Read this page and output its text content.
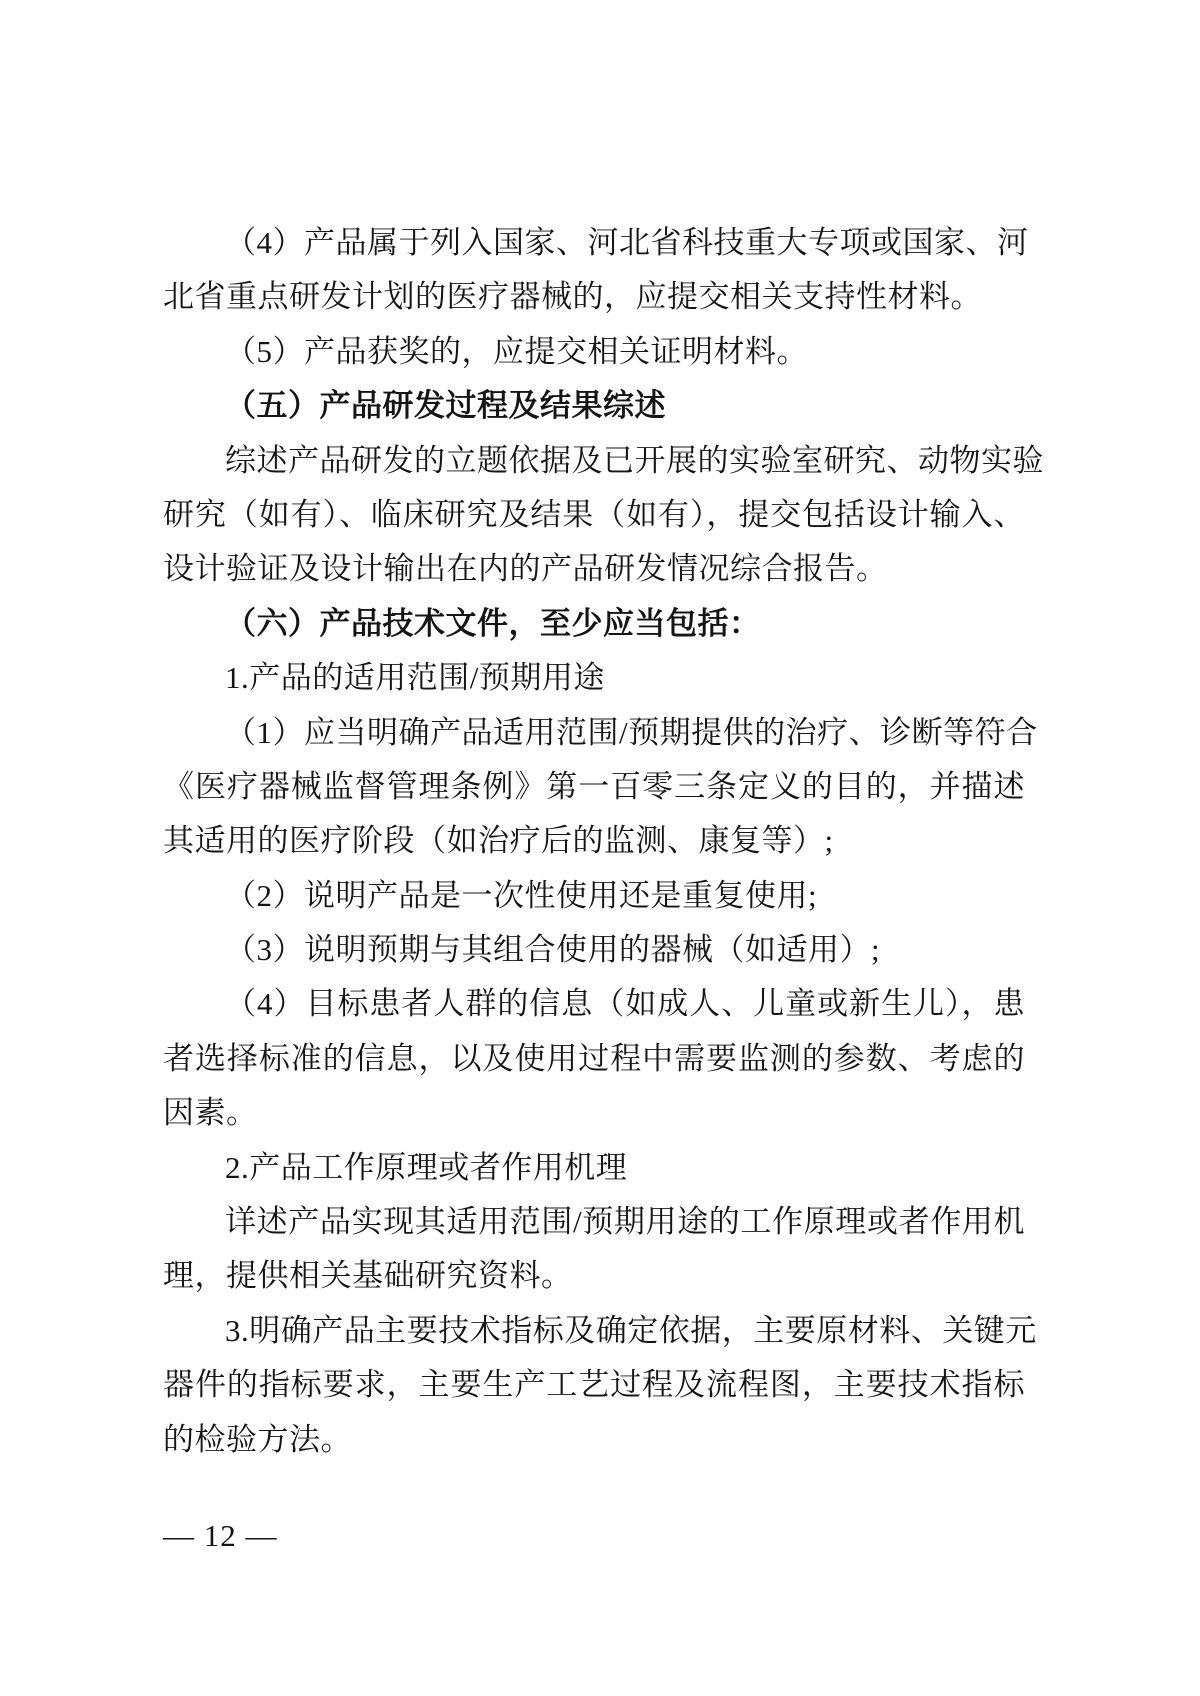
（4）产品属于列入国家、河北省科技重大专项或国家、河
北省重点研发计划的医疗器械的，应提交相关支持性材料。
（5）产品获奖的，应提交相关证明材料。
（五）产品研发过程及结果综述
综述产品研发的立题依据及已开展的实验室研究、动物实验
研究（如有）、临床研究及结果（如有），提交包括设计输入、
设计验证及设计输出在内的产品研发情况综合报告。
（六）产品技术文件，至少应当包括：
1.产品的适用范围/预期用途
（1）应当明确产品适用范围/预期提供的治疗、诊断等符合
《医疗器械监督管理条例》第一百零三条定义的目的，并描述
其适用的医疗阶段（如治疗后的监测、康复等）;
（2）说明产品是一次性使用还是重复使用;
（3）说明预期与其组合使用的器械（如适用）;
（4）目标患者人群的信息（如成人、儿童或新生儿），患
者选择标准的信息，以及使用过程中需要监测的参数、考虑的
因素。
2.产品工作原理或者作用机理
详述产品实现其适用范围/预期用途的工作原理或者作用机
理，提供相关基础研究资料。
3.明确产品主要技术指标及确定依据，主要原材料、关键元
器件的指标要求，主要生产工艺过程及流程图，主要技术指标
的检验方法。
— 12 —
